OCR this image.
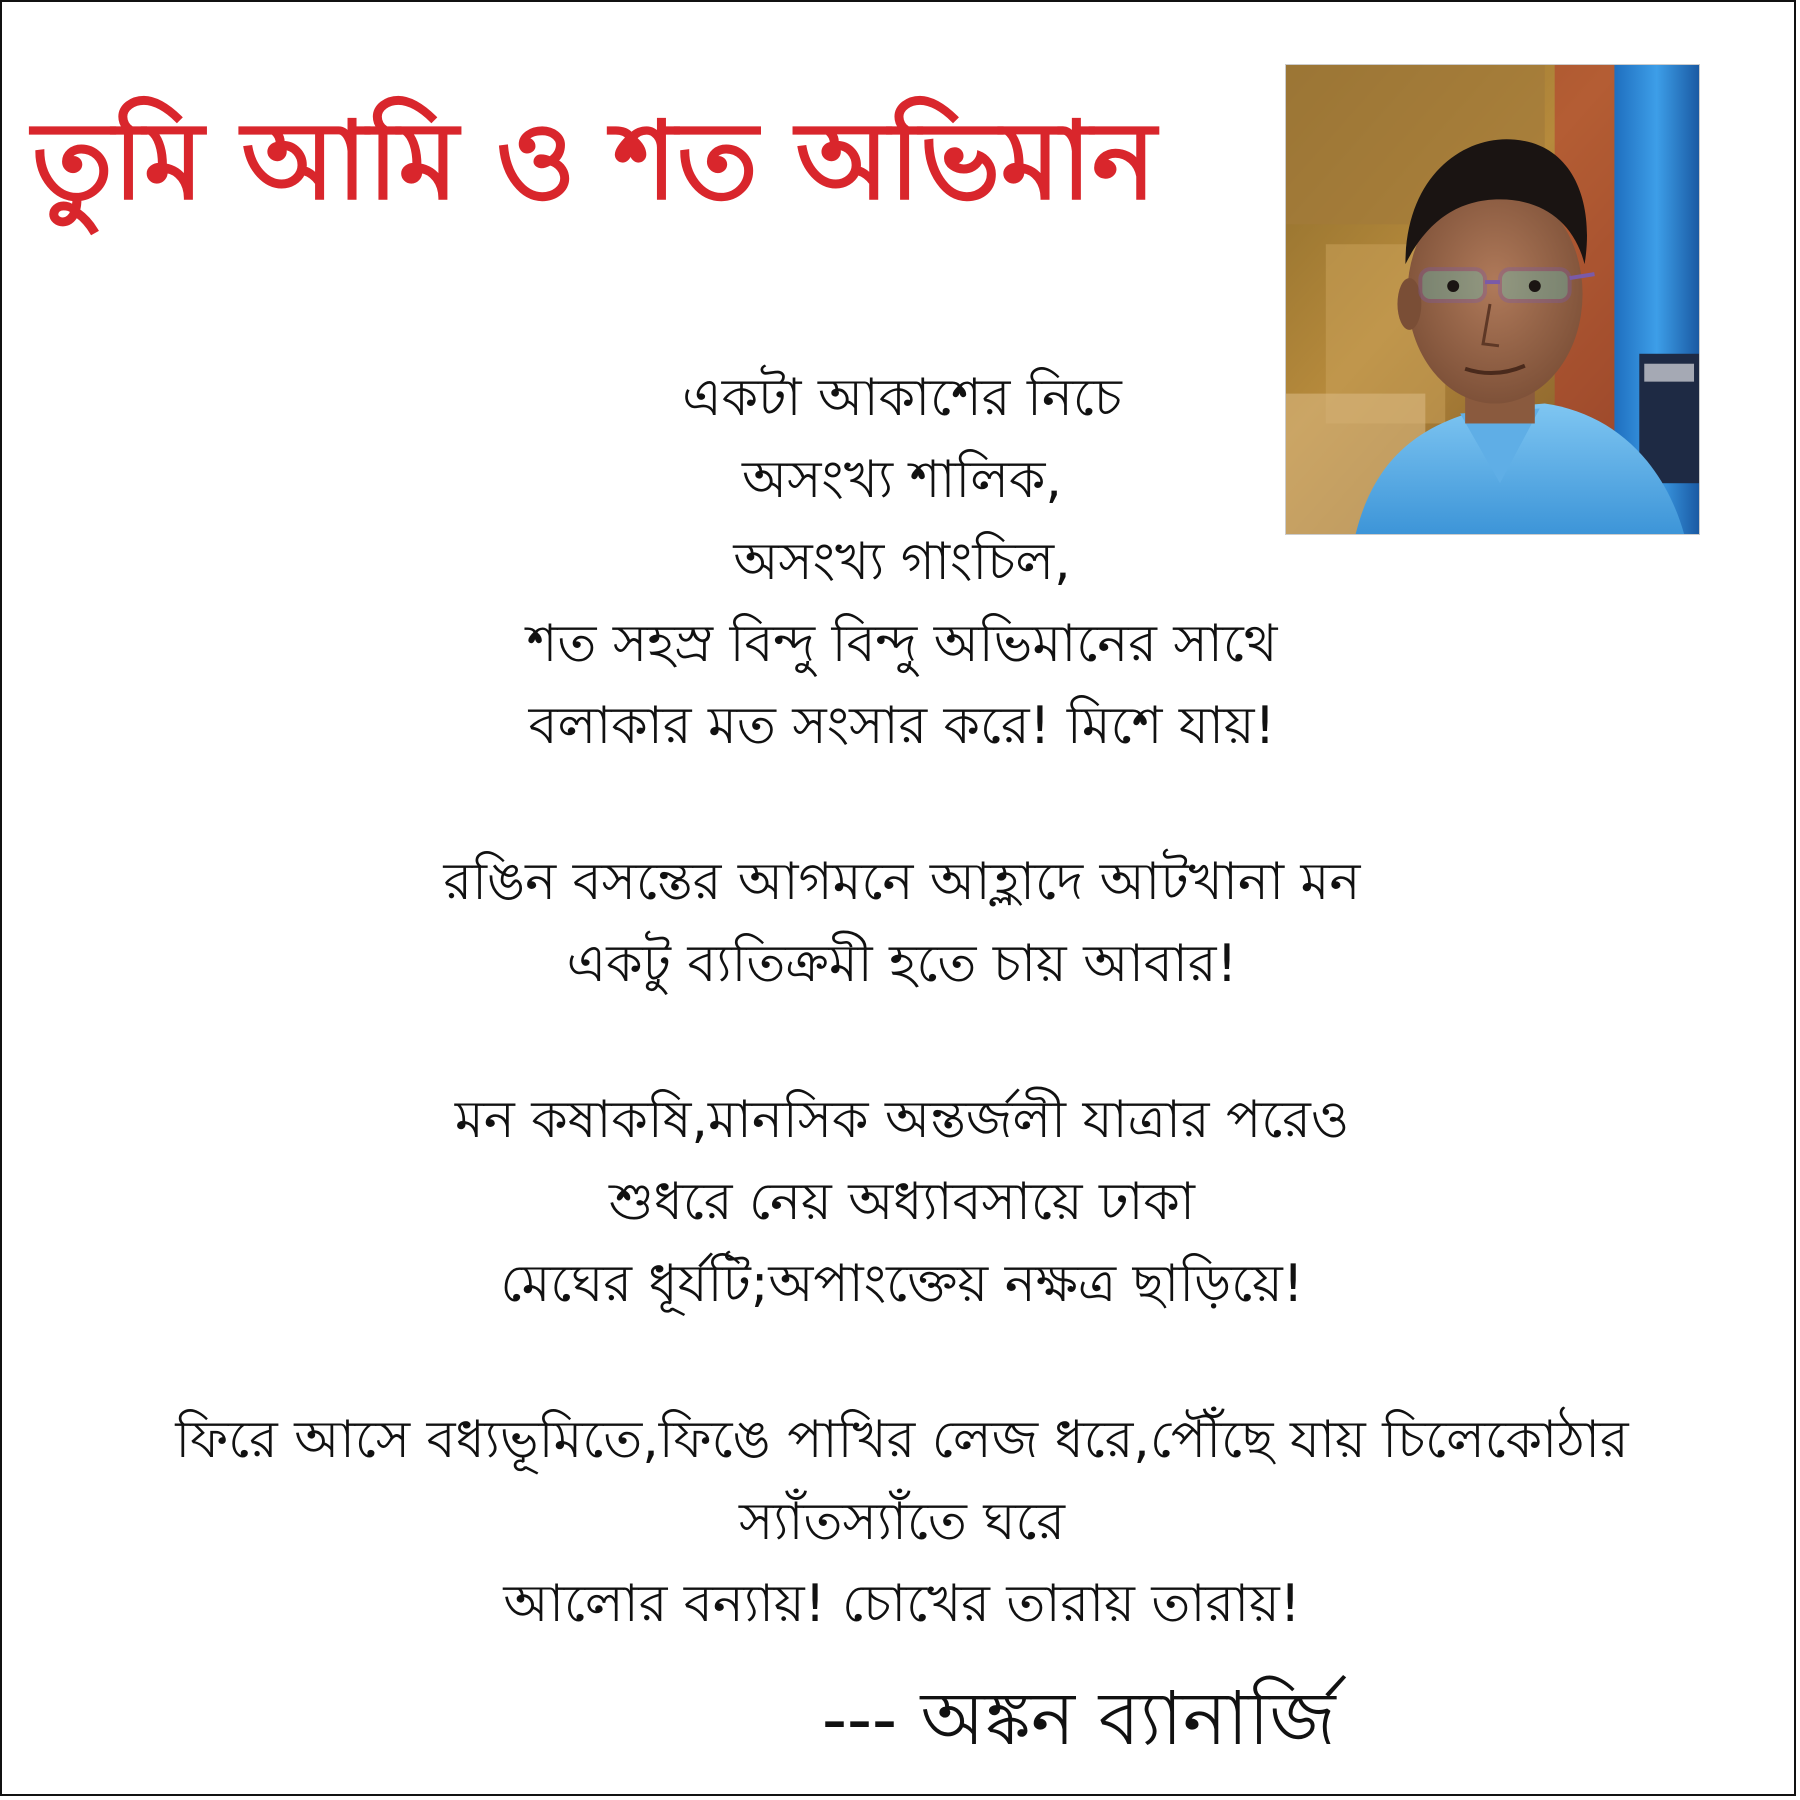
তুমি আমি ও শত অভিমান
একটা আকাশের নিচে
অসংখ্য শালিক,
অসংখ্য গাংচিল,
শত সহস্র বিন্দু বিন্দু অভিমানের সাথে
বলাকার মত সংসার করে! মিশে যায়!
রঙিন বসন্তের আগমনে আহ্লাদে আটখানা মন
একটু ব্যতিক্রমী হতে চায় আবার!
মন কষাকষি,মানসিক অন্তর্জলী যাত্রার পরেও
শুধরে নেয় অধ্যাবসায়ে ঢাকা
মেঘের ধূর্যটি;অপাংক্তেয় নক্ষত্র ছাড়িয়ে!
ফিরে আসে বধ্যভূমিতে,ফিঙে পাখির লেজ ধরে,পৌঁছে যায় চিলেকোঠার
স্যাঁতস্যাঁতে ঘরে
আলোর বন্যায়! চোখের তারায় তারায়!
--- অঙ্কন ব্যানার্জি
